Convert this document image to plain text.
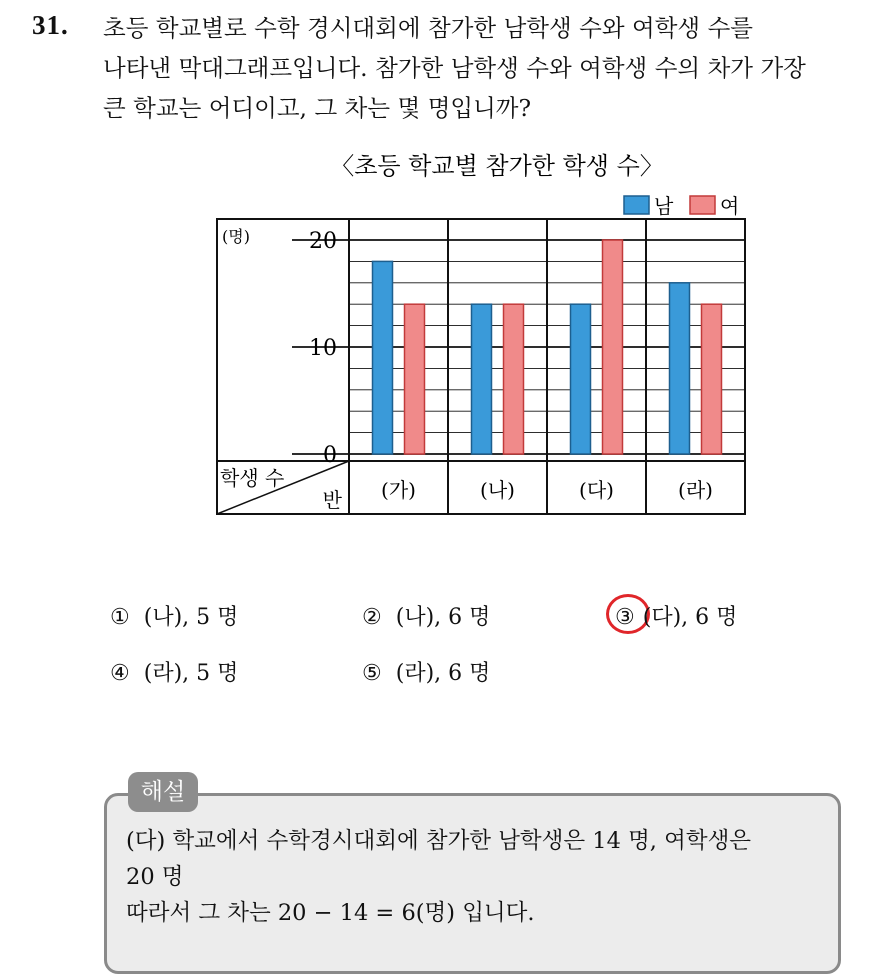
31. 초등 학교별로 수학 경시대회에 참가한 남학생 수와 여학생 수를
나타낸 막대그래프입니다. 참가한 남학생 수와 여학생 수의 차가 가장
큰 학교는 어디이고, 그 차는 몇 명입니까?
〈초등 학교별 참가한 학생 수〉
남 여
0
10
20
(명)
학생 수
반 (가)	(나)	(다)	(라)
① (나), 5 명	② (나), 6 명	③ (다), 6 명
④ (라), 5 명	⑤ (라), 6 명
해설
(다) 학교에서 수학경시대회에 참가한 남학생은 14 명, 여학생은
20 명
따라서 그 차는 20 − 14 = 6(명) 입니다.
